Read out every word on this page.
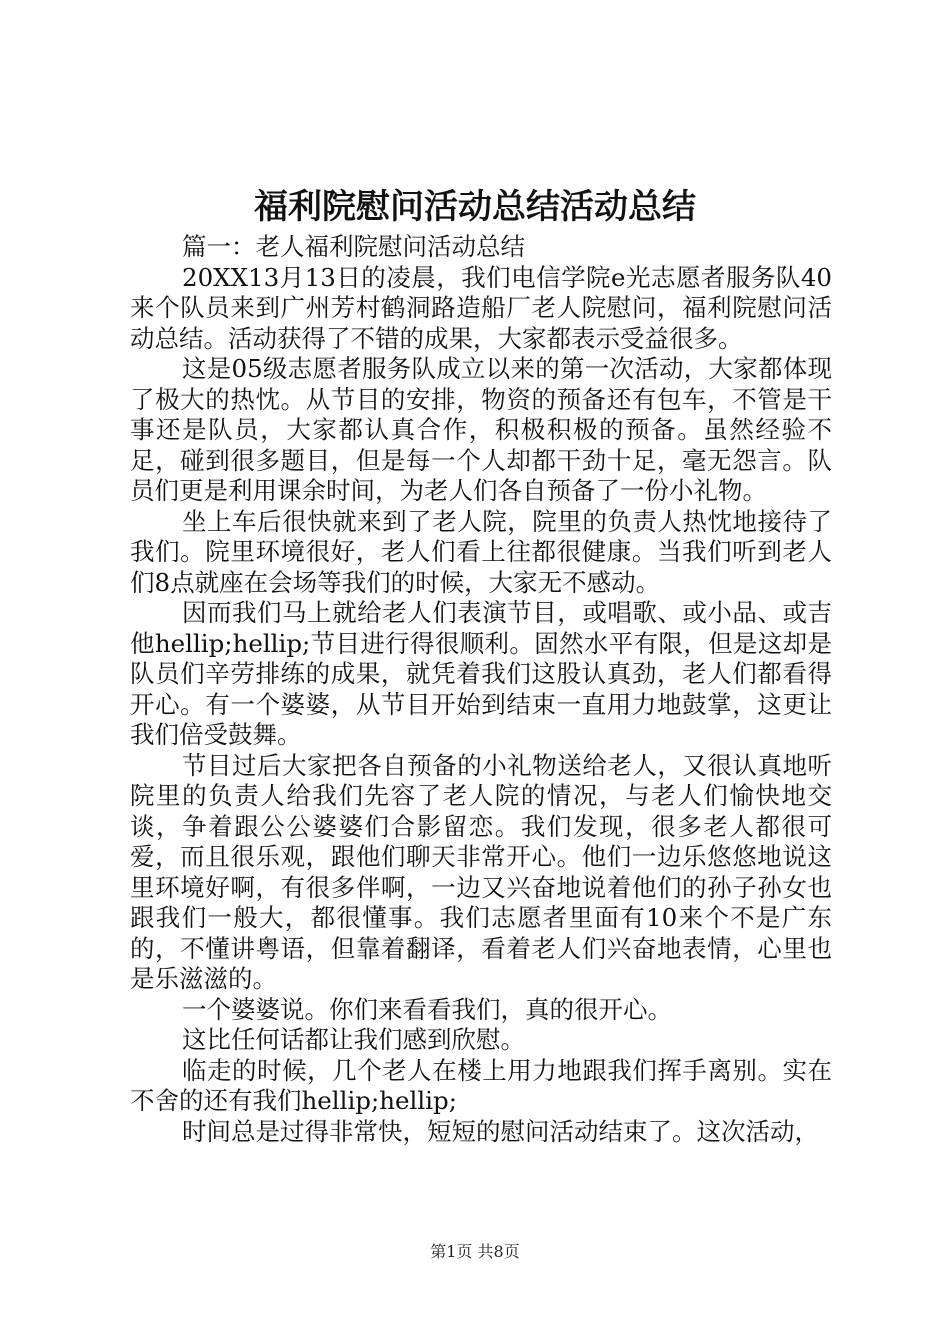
福利院慰问活动总结活动总结

篇一：老人福利院慰问活动总结

20XX13月13日的凌晨，我们电信学院e光志愿者服务队40来个队员来到广州芳村鹤洞路造船厂老人院慰问，福利院慰问活动总结。活动获得了不错的成果，大家都表示受益很多。

这是05级志愿者服务队成立以来的第一次活动，大家都体现了极大的热忱。从节目的安排，物资的预备还有包车，不管是干事还是队员，大家都认真合作，积极积极的预备。虽然经验不足，碰到很多题目，但是每一个人却都干劲十足，毫无怨言。队员们更是利用课余时间，为老人们各自预备了一份小礼物。

坐上车后很快就来到了老人院，院里的负责人热忱地接待了我们。院里环境很好，老人们看上往都很健康。当我们听到老人们8点就座在会场等我们的时候，大家无不感动。

因而我们马上就给老人们表演节目，或唱歌、或小品、或吉他hellip;hellip;节目进行得很顺利。固然水平有限，但是这却是队员们辛劳排练的成果，就凭着我们这股认真劲，老人们都看得开心。有一个婆婆，从节目开始到结束一直用力地鼓掌，这更让我们倍受鼓舞。

节目过后大家把各自预备的小礼物送给老人，又很认真地听院里的负责人给我们先容了老人院的情况，与老人们愉快地交谈，争着跟公公婆婆们合影留恋。我们发现，很多老人都很可爱，而且很乐观，跟他们聊天非常开心。他们一边乐悠悠地说这里环境好啊，有很多伴啊，一边又兴奋地说着他们的孙子孙女也跟我们一般大，都很懂事。我们志愿者里面有10来个不是广东的，不懂讲粤语，但靠着翻译，看着老人们兴奋地表情，心里也是乐滋滋的。

一个婆婆说。你们来看看我们，真的很开心。

这比任何话都让我们感到欣慰。

临走的时候，几个老人在楼上用力地跟我们挥手离别。实在不舍的还有我们hellip;hellip;

时间总是过得非常快，短短的慰问活动结束了。这次活动，

第1页 共8页
